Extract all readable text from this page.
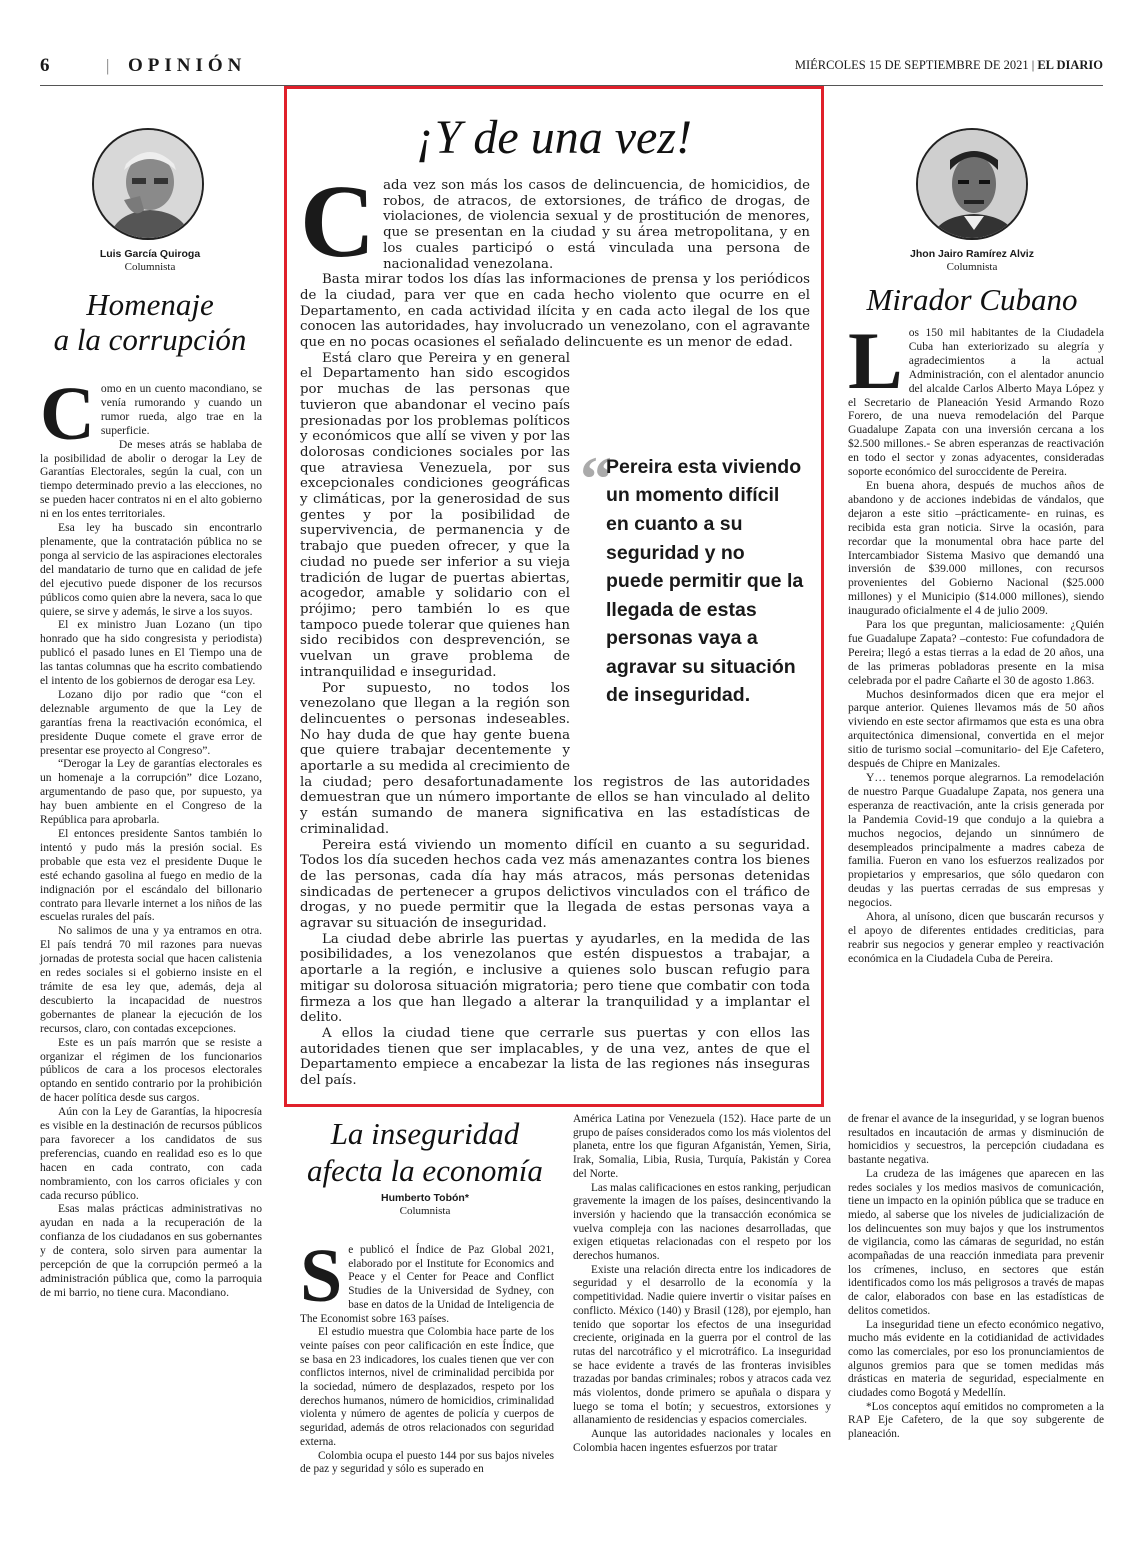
6	| OPINIÓN	MIÉRCOLES 15 DE SEPTIEMBRE DE 2021 | EL DIARIO
Luis García Quiroga
Columnista
Homenaje
a la corrupción
C omo en un cuento macondiano, se venía rumorando y cuando un rumor rueda, algo trae en la superficie.

De meses atrás se hablaba de la posibilidad de abolir o derogar la Ley de Garantías Electorales, según la cual, con un tiempo determinado previo a las elecciones, no se pueden hacer contratos ni en el alto gobierno ni en los entes territoriales.

Esa ley ha buscado sin encontrarlo plenamente, que la contratación pública no se ponga al servicio de las aspiraciones electorales del mandatario de turno que en calidad de jefe del ejecutivo puede disponer de los recursos públicos como quien abre la nevera, saca lo que quiere, se sirve y además, le sirve a los suyos.

El ex ministro Juan Lozano (un tipo honrado que ha sido congresista y periodista) publicó el pasado lunes en El Tiempo una de las tantas columnas que ha escrito combatiendo el intento de los gobiernos de derogar esa Ley.

Lozano dijo por radio que “con el deleznable argumento de que la Ley de garantías frena la reactivación económica, el presidente Duque comete el grave error de presentar ese proyecto al Congreso”.

“Derogar la Ley de garantías electorales es un homenaje a la corrupción” dice Lozano, argumentando de paso que, por supuesto, ya hay buen ambiente en el Congreso de la República para aprobarla.

El entonces presidente Santos también lo intentó y pudo más la presión social. Es probable que esta vez el presidente Duque le esté echando gasolina al fuego en medio de la indignación por el escándalo del billonario contrato para llevarle internet a los niños de las escuelas rurales del país.

No salimos de una y ya entramos en otra. El país tendrá 70 mil razones para nuevas jornadas de protesta social que hacen calistenia en redes sociales si el gobierno insiste en el trámite de esa ley que, además, deja al descubierto la incapacidad de nuestros gobernantes de planear la ejecución de los recursos, claro, con contadas excepciones.

Este es un país marrón que se resiste a organizar el régimen de los funcionarios públicos de cara a los procesos electorales optando en sentido contrario por la prohibición de hacer política desde sus cargos.

Aún con la Ley de Garantías, la hipocresía es visible en la destinación de recursos públicos para favorecer a los candidatos de sus preferencias, cuando en realidad eso es lo que hacen en cada contrato, con cada nombramiento, con los carros oficiales y con cada recurso público.

Esas malas prácticas administrativas no ayudan en nada a la recuperación de la confianza de los ciudadanos en sus gobernantes y de contera, solo sirven para aumentar la percepción de que la corrupción permeó a la administración pública que, como la parroquia de mi barrio, no tiene cura. Macondiano.

¡Y de una vez!
C ada vez son más los casos de delincuencia, de homicidios, de robos, de atracos, de extorsiones, de tráfico de drogas, de violaciones, de violencia sexual y de prostitución de menores, que se presentan en la ciudad y su área metropolitana, y en los cuales participó o está vinculada una persona de nacionalidad venezolana.

Basta mirar todos los días las informaciones de prensa y los periódicos de la ciudad, para ver que en cada hecho violento que ocurre en el Departamento, en cada actividad ilícita y en cada acto ilegal de los que conocen las autoridades, hay involucrado un venezolano, con el agravante que en no pocas ocasiones el señalado delincuente es un menor de edad.

“
Pereira esta viviendo un momento difícil en cuanto a su seguridad y no puede permitir que la llegada de estas personas vaya a agravar su situación de inseguridad.

Está claro que Pereira y en general el Departamento han sido escogidos por muchas de las personas que tuvieron que abandonar el vecino país presionadas por los problemas políticos y económicos que allí se viven y por las dolorosas condiciones sociales por las que atraviesa Venezuela, por sus excepcionales condiciones geográficas y climáticas, por la generosidad de sus gentes y por la posibilidad de supervivencia, de permanencia y de trabajo que pueden ofrecer, y que la ciudad no puede ser inferior a su vieja tradición de lugar de puertas abiertas, acogedor, amable y solidario con el prójimo; pero también lo es que tampoco puede tolerar que quienes han sido recibidos con desprevención, se vuelvan un grave problema de intranquilidad e inseguridad.

Por supuesto, no todos los venezolano que llegan a la región son delincuentes o personas indeseables. No hay duda de que hay gente buena que quiere trabajar decentemente y aportarle a su medida al crecimiento de la ciudad; pero desafortunadamente los registros de las autoridades demuestran que un número importante de ellos se han vinculado al delito y están sumando de manera significativa en las estadísticas de criminalidad.

Pereira está viviendo un momento difícil en cuanto a su seguridad. Todos los día suceden hechos cada vez más amenazantes contra los bienes de las personas, cada día hay más atracos, más personas detenidas sindicadas de pertenecer a grupos delictivos vinculados con el tráfico de drogas, y no puede permitir que la llegada de estas personas vaya a agravar su situación de inseguridad.

La ciudad debe abrirle las puertas y ayudarles, en la medida de las posibilidades, a los venezolanos que estén dispuestos a trabajar, a aportarle a la región, e inclusive a quienes solo buscan refugio para mitigar su dolorosa situación migratoria; pero tiene que combatir con toda firmeza a los que han llegado a alterar la tranquilidad y a implantar el delito.

A ellos la ciudad tiene que cerrarle sus puertas y con ellos las autoridades tienen que ser implacables, y de una vez, antes de que el Departamento empiece a encabezar la lista de las regiones nás inseguras del país.

Jhon Jairo Ramírez Alviz
Columnista
Mirador Cubano
L os 150 mil habitantes de la Ciudadela Cuba han exteriorizado su alegría y agradecimientos a la actual Administración, con el alentador anuncio del alcalde Carlos Alberto Maya López y el Secretario de Planeación Yesid Armando Rozo Forero, de una nueva remodelación del Parque Guadalupe Zapata con una inversión cercana a los $2.500 millones.- Se abren esperanzas de reactivación en todo el sector y zonas adyacentes, consideradas soporte económico del suroccidente de Pereira.

En buena ahora, después de muchos años de abandono y de acciones indebidas de vándalos, que dejaron a este sitio –prácticamente- en ruinas, es recibida esta gran noticia. Sirve la ocasión, para recordar que la monumental obra hace parte del Intercambiador Sistema Masivo que demandó una inversión de $39.000 millones, con recursos provenientes del Gobierno Nacional ($25.000 millones) y el Municipio ($14.000 millones), siendo inaugurado oficialmente el 4 de julio 2009.

Para los que preguntan, maliciosamente: ¿Quién fue Guadalupe Zapata? –contesto: Fue cofundadora de Pereira; llegó a estas tierras a la edad de 20 años, una de las primeras pobladoras presente en la misa celebrada por el padre Cañarte el 30 de agosto 1.863.

Muchos desinformados dicen que era mejor el parque anterior. Quienes llevamos más de 50 años viviendo en este sector afirmamos que esta es una obra arquitectónica dimensional, convertida en el mejor sitio de turismo social –comunitario- del Eje Cafetero, después de Chipre en Manizales.

Y… tenemos porque alegrarnos. La remodelación de nuestro Parque Guadalupe Zapata, nos genera una esperanza de reactivación, ante la crisis generada por la Pandemia Covid-19 que condujo a la quiebra a muchos negocios, dejando un sinnúmero de desempleados principalmente a madres cabeza de familia. Fueron en vano los esfuerzos realizados por propietarios y empresarios, que sólo quedaron con deudas y las puertas cerradas de sus empresas y negocios.

Ahora, al unísono, dicen que buscarán recursos y el apoyo de diferentes entidades crediticias, para reabrir sus negocios y generar empleo y reactivación económica en la Ciudadela Cuba de Pereira.

La inseguridad
afecta la economía
Humberto Tobón*
Columnista
S e publicó el Índice de Paz Global 2021, elaborado por el Institute for Economics and Peace y el Center for Peace and Conflict Studies de la Universidad de Sydney, con base en datos de la Unidad de Inteligencia de The Economist sobre 163 países.

El estudio muestra que Colombia hace parte de los veinte países con peor calificación en este Índice, que se basa en 23 indicadores, los cuales tienen que ver con conflictos internos, nivel de criminalidad percibida por la sociedad, número de desplazados, respeto por los derechos humanos, número de homicidios, criminalidad violenta y número de agentes de policía y cuerpos de seguridad, además de otros relacionados con seguridad externa.

Colombia ocupa el puesto 144 por sus bajos niveles de paz y seguridad y sólo es superado en

América Latina por Venezuela (152). Hace parte de un grupo de países considerados como los más violentos del planeta, entre los que figuran Afganistán, Yemen, Siria, Irak, Somalia, Libia, Rusia, Turquía, Pakistán y Corea del Norte.

Las malas calificaciones en estos ranking, perjudican gravemente la imagen de los países, desincentivando la inversión y haciendo que la transacción económica se vuelva compleja con las naciones desarrolladas, que exigen etiquetas relacionadas con el respeto por los derechos humanos.

Existe una relación directa entre los indicadores de seguridad y el desarrollo de la economía y la competitividad. Nadie quiere invertir o visitar países en conflicto. México (140) y Brasil (128), por ejemplo, han tenido que soportar los efectos de una inseguridad creciente, originada en la guerra por el control de las rutas del narcotráfico y el microtráfico. La inseguridad se hace evidente a través de las fronteras invisibles trazadas por bandas criminales; robos y atracos cada vez más violentos, donde primero se apuñala o dispara y luego se toma el botín; y secuestros, extorsiones y allanamiento de residencias y espacios comerciales.

Aunque las autoridades nacionales y locales en Colombia hacen ingentes esfuerzos por tratar

de frenar el avance de la inseguridad, y se logran buenos resultados en incautación de armas y disminución de homicidios y secuestros, la percepción ciudadana es bastante negativa.

La crudeza de las imágenes que aparecen en las redes sociales y los medios masivos de comunicación, tiene un impacto en la opinión pública que se traduce en miedo, al saberse que los niveles de judicialización de los delincuentes son muy bajos y que los instrumentos de vigilancia, como las cámaras de seguridad, no están acompañadas de una reacción inmediata para prevenir los crímenes, incluso, en sectores que están identificados como los más peligrosos a través de mapas de calor, elaborados con base en las estadísticas de delitos cometidos.

La inseguridad tiene un efecto económico negativo, mucho más evidente en la cotidianidad de actividades como las comerciales, por eso los pronunciamientos de algunos gremios para que se tomen medidas más drásticas en materia de seguridad, especialmente en ciudades como Bogotá y Medellín.

*Los conceptos aquí emitidos no comprometen a la RAP Eje Cafetero, de la que soy subgerente de planeación.
